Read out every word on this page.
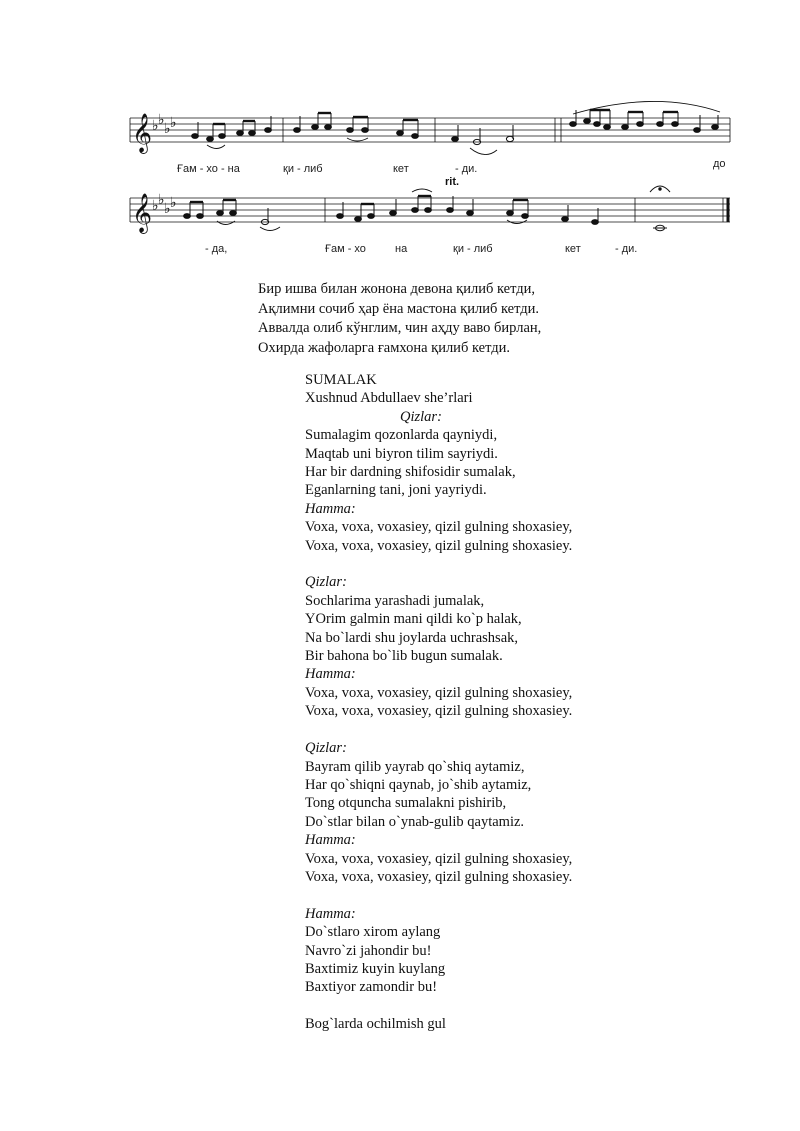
𝄞
𝄞
♭ ♭
♭ ♭
♭ ♭
♭ ♭
rit.
Ғам - хо - на	қи - либ	кет	- ди.	до
- да,	Ғам - хо	на	қи - либ	кет	- ди.
Бир ишва билан жонона девона қилиб кетди,
Ақлимни сочиб ҳар ёна мастона қилиб кетди.
Аввалда олиб кўнглим, чин аҳду ваво бирлан,
Охирда жафоларга ғамхона қилиб кетди.
SUMALAK
Xushnud Abdullaev she’rlari
Qizlar:
Sumalagim qozonlarda qayniydi,
Maqtab uni biyron tilim sayriydi.
Har bir dardning shifosidir sumalak,
Eganlarning tani, joni yayriydi.
Hamma:
Voxa, voxa, voxasiey, qizil gulning shoxasiey,
Voxa, voxa, voxasiey, qizil gulning shoxasiey.
Qizlar:
Sochlarima yarashadi jumalak,
YOrim galmin mani qildi ko`p halak,
Na bo`lardi shu joylarda uchrashsak,
Bir bahona bo`lib bugun sumalak.
Hamma:
Voxa, voxa, voxasiey, qizil gulning shoxasiey,
Voxa, voxa, voxasiey, qizil gulning shoxasiey.
Qizlar:
Bayram qilib yayrab qo`shiq aytamiz,
Har qo`shiqni qaynab, jo`shib aytamiz,
Tong otquncha sumalakni pishirib,
Do`stlar bilan o`ynab-gulib qaytamiz.
Hamma:
Voxa, voxa, voxasiey, qizil gulning shoxasiey,
Voxa, voxa, voxasiey, qizil gulning shoxasiey.
Hamma:
Do`stlaro xirom aylang
Navro`zi jahondir bu!
Baxtimiz kuyin kuylang
Baxtiyor zamondir bu!
Bog`larda ochilmish gul
